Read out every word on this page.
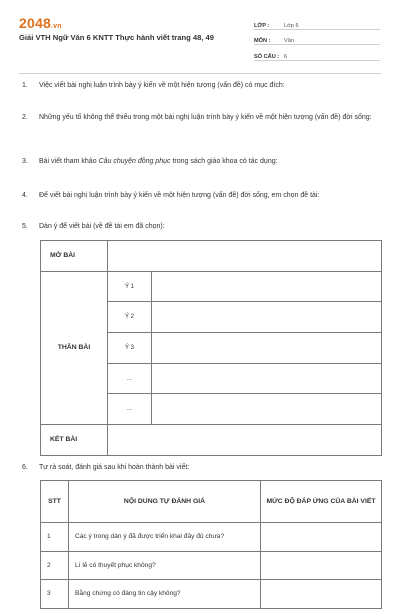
2048.vn
Giải VTH Ngữ Văn 6 KNTT Thực hành viết trang 48, 49
LỚP :	Lớp 6
MÔN :	Văn
SỐ CÂU : 6
1.	Việc viết bài nghị luận trình bày ý kiến về một hiện tượng (vấn đề) có mục đích:
2.	Những yếu tố không thể thiếu trong một bài nghị luận trình bày ý kiến về một hiện tượng (vấn đề) đời sống:
3.	Bài viết tham khảo Câu chuyện đồng phục trong sách giáo khoa có tác dụng:
4.	Để viết bài nghị luận trình bày ý kiến về một hiện tượng (vấn đề) đời sống, em chọn đề tài:
5.	Dàn ý để viết bài (về đề tài em đã chọn):
MỞ BÀI		
THÂN BÀI	Ý 1	
	Ý 2	
	Ý 3	
	...	
	...	
KẾT BÀI		
6.	Tự rà soát, đánh giá sau khi hoàn thành bài viết:
STT	NỘI DUNG TỰ ĐÁNH GIÁ	MỨC ĐỘ ĐÁP ỨNG CỦA BÀI VIẾT
1	Các ý trong dàn ý đã được triển khai đầy đủ chưa?	
2	Lí lẽ có thuyết phục không?	
3	Bằng chứng có đáng tin cậy không?	
